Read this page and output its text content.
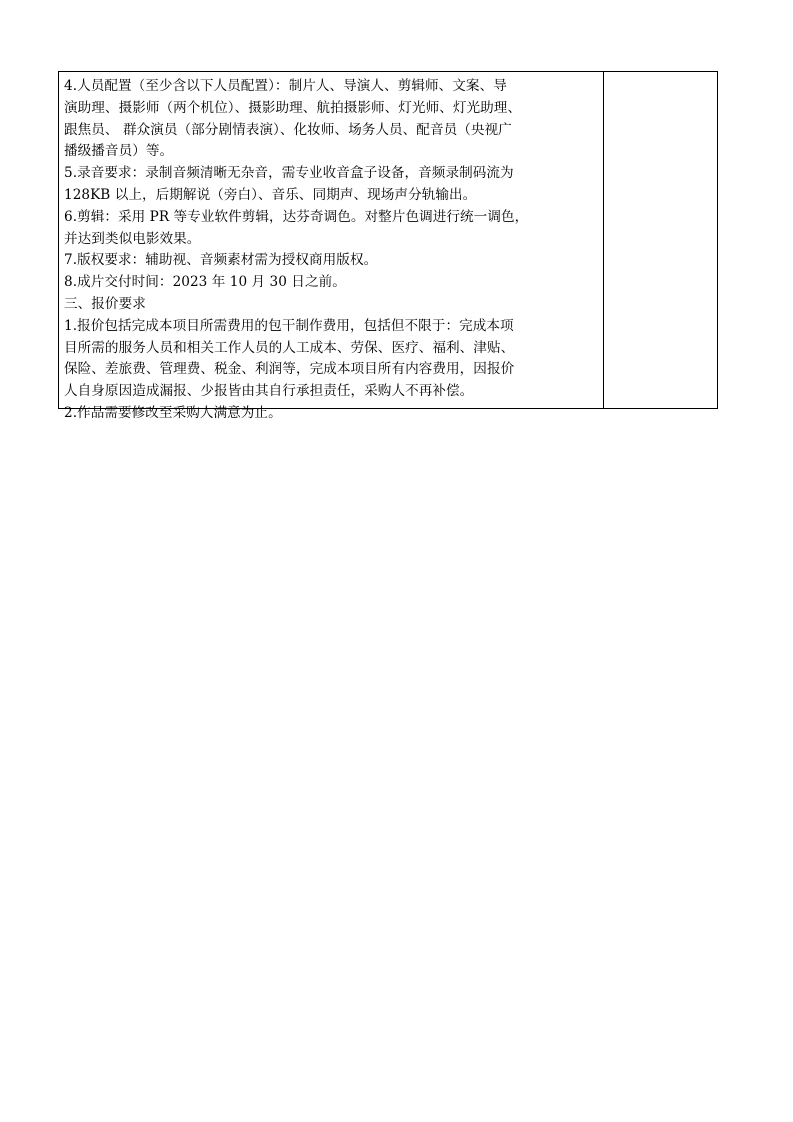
4.人员配置（至少含以下人员配置）：制片人、导演人、剪辑师、文案、导
演助理、摄影师（两个机位）、摄影助理、航拍摄影师、灯光师、灯光助理、
跟焦员、 群众演员（部分剧情表演）、化妆师、场务人员、配音员（央视广
播级播音员）等。
5.录音要求：录制音频清晰无杂音，需专业收音盒子设备，音频录制码流为
128KB 以上，后期解说（旁白）、音乐、同期声、现场声分轨输出。
6.剪辑：采用 PR 等专业软件剪辑，达芬奇调色。对整片色调进行统一调色，
并达到类似电影效果。
7.版权要求：辅助视、音频素材需为授权商用版权。
8.成片交付时间：2023 年 10 月 30 日之前。
三、报价要求
1.报价包括完成本项目所需费用的包干制作费用，包括但不限于：完成本项
目所需的服务人员和相关工作人员的人工成本、劳保、医疗、福利、津贴、
保险、差旅费、管理费、税金、利润等，完成本项目所有内容费用，因报价
人自身原因造成漏报、少报皆由其自行承担责任，采购人不再补偿。
2.作品需要修改至采购人满意为止。
